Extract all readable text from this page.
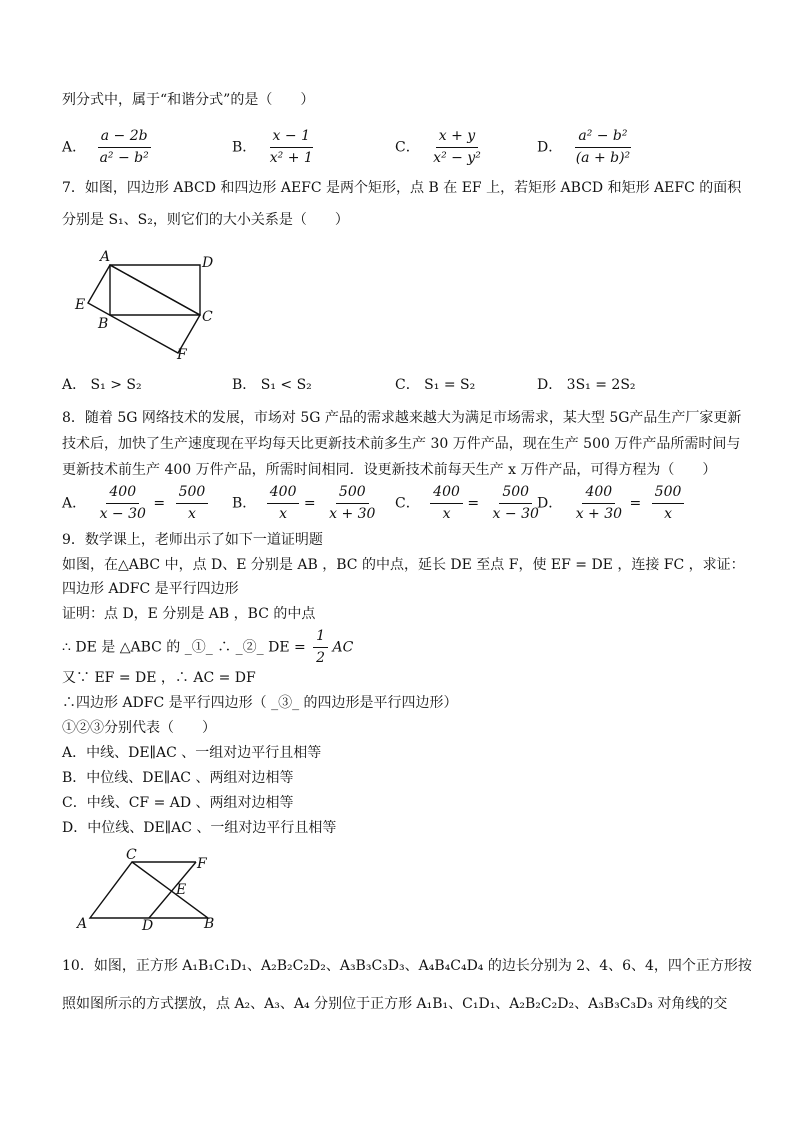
列分式中，属于“和谐分式”的是（　　）
A． $\frac{a - 2b}{\text{a² − b²}}$	B． $\frac{x - 1}{\text{x² + 1}}$	C． $\frac{x + y}{\text{x² − y²}}$	D． $\frac{\text{a² − b²}}{\text{(a + b)²}}$
7．如图，四边形 ABCD 和四边形 AEFC 是两个矩形，点 B 在 EF 上，若矩形 ABCD 和矩形 AEFC 的面积
分别是 S₁、S₂，则它们的大小关系是（　　）
A	D
E
B	C
F
A． S₁ > S₂	B． S₁ < S₂	C． S₁ = S₂	D． 3S₁ = 2S₂
8．随着 5G 网络技术的发展，市场对 5G 产品的需求越来越大为满足市场需求，某大型 5G产品生产厂家更新
技术后，加快了生产速度现在平均每天比更新技术前多生产 30 万件产品，现在生产 500 万件产品所需时间与
更新技术前生产 400 万件产品，所需时间相同．设更新技术前每天生产 x 万件产品，可得方程为（　　）
A． $\frac{400}{x - 30} = \frac{500}{x}$ B． $\frac{400}{x} = \frac{500}{x + 30}$ C． $\frac{400}{x} = \frac{500}{x - 30}$
D． $\frac{400}{x + 30} = \frac{500}{x}$
9．数学课上，老师出示了如下一道证明题
如图，在△ABC 中，点 D、E 分别是 AB ，BC 的中点，延长 DE 至点 F，使 EF = DE ，连接 FC ，求证：
四边形 ADFC 是平行四边形
证明：点 D，E 分别是 AB ，BC 的中点
∴ DE 是 △ABC 的 _①_ ∴ _②_ DE = $\frac{1}{2}$ AC
又∵ EF = DE ，∴ AC = DF
∴四边形 ADFC 是平行四边形（ _③_ 的四边形是平行四边形）
①②③分别代表（　　）
A．中线、DE∥AC 、一组对边平行且相等
B．中位线、DE∥AC 、两组对边相等
C．中线、CF = AD 、两组对边相等
D．中位线、DE∥AC 、一组对边平行且相等
C
F
E
A	D	B
10．如图，正方形 A₁B₁C₁D₁、A₂B₂C₂D₂、A₃B₃C₃D₃、A₄B₄C₄D₄ 的边长分别为 2、4、6、4，四个正方形按
照如图所示的方式摆放，点 A₂、A₃、A₄ 分别位于正方形 A₁B₁、C₁D₁、A₂B₂C₂D₂、A₃B₃C₃D₃ 对角线的交
